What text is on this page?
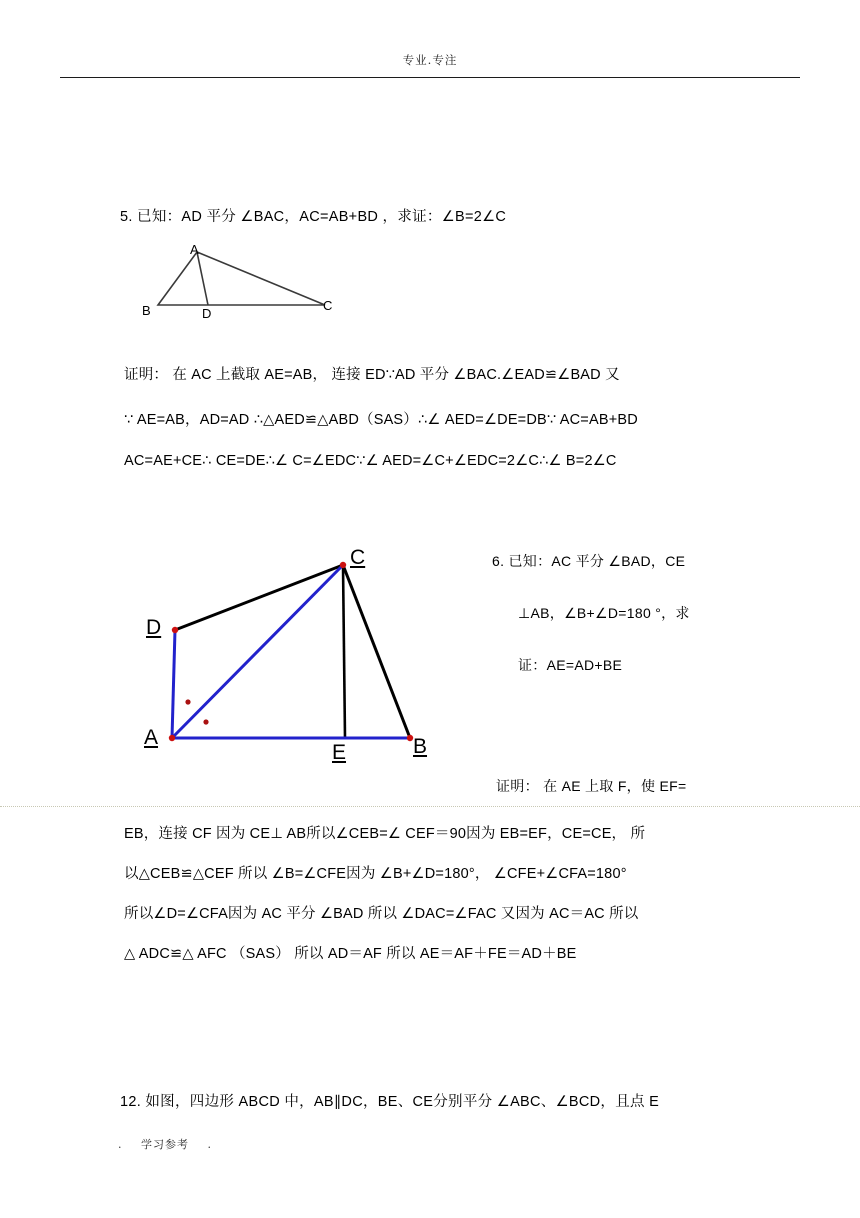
专业.专注
5. 已知：AD 平分 ∠BAC，AC=AB+BD ，求证：∠B=2∠C
A
B	C
D
证明： 在 AC 上截取 AE=AB， 连接 ED∵AD 平分 ∠BAC.∠EAD≌∠BAD 又
∵ AE=AB，AD=AD ∴△AED≌△ABD（SAS）∴∠ AED=∠DE=DB∵ AC=AB+BD
AC=AE+CE∴ CE=DE∴∠ C=∠EDC∵∠ AED=∠C+∠EDC=2∠C∴∠ B=2∠C
C
D
A
E	B
6. 已知：AC 平分 ∠BAD，CE
⊥AB，∠B+∠D=180 °，求
证：AE=AD+BE
证明： 在 AE 上取 F，使 EF=
EB，连接 CF 因为 CE⊥ AB所以∠CEB=∠ CEF＝90因为 EB=EF，CE=CE， 所
以△CEB≌△CEF 所以 ∠B=∠CFE因为 ∠B+∠D=180°， ∠CFE+∠CFA=180°
所以∠D=∠CFA因为 AC 平分 ∠BAD 所以 ∠DAC=∠FAC 又因为 AC＝AC 所以
△ ADC≌△ AFC （SAS） 所以 AD＝AF 所以 AE＝AF＋FE＝AD＋BE
12. 如图，四边形 ABCD 中，AB∥DC，BE、CE分别平分 ∠ABC、∠BCD，且点 E
. 学习参考 .
